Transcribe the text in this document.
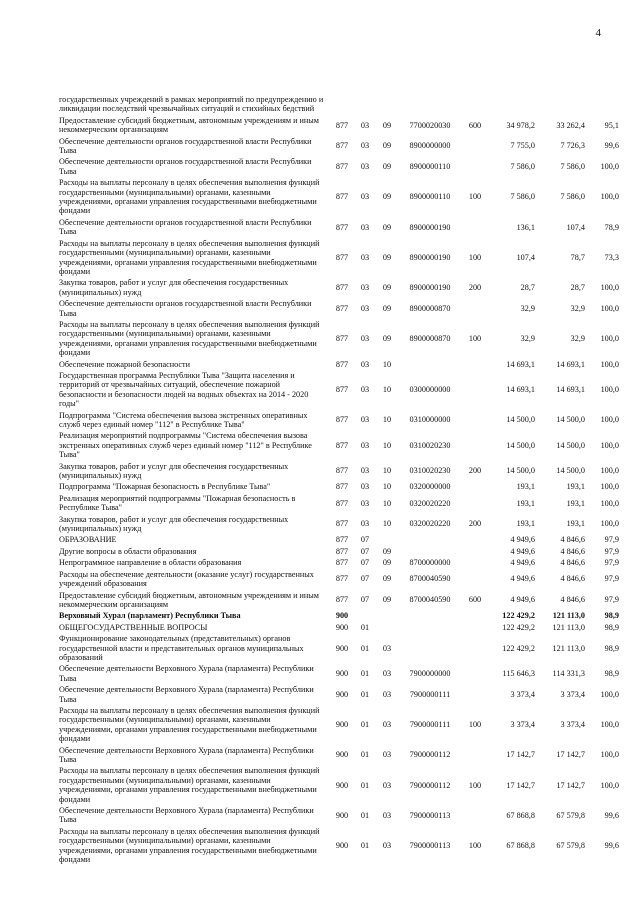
4
государственных учреждений в рамках мероприятий по предупреждению и ликвидации последствий чрезвычайных ситуаций и стихийных бедствий								
Предоставление субсидий бюджетным, автономным учреждениям и иным некоммерческим организациям	877	03	09	7700020030	600	34 978,2	33 262,4	95,1
Обеспечение деятельности органов государственной власти Республики Тыва	877	03	09	8900000000		7 755,0	7 726,3	99,6
Обеспечение деятельности органов государственной власти Республики Тыва	877	03	09	8900000110		7 586,0	7 586,0	100,0
Расходы на выплаты персоналу в целях обеспечения выполнения функций государственными (муниципальными) органами, казенными учреждениями, органами управления государственными внебюджетными фондами	877	03	09	8900000110	100	7 586,0	7 586,0	100,0
Обеспечение деятельности органов государственной власти Республики Тыва	877	03	09	8900000190		136,1	107,4	78,9
Расходы на выплаты персоналу в целях обеспечения выполнения функций государственными (муниципальными) органами, казенными учреждениями, органами управления государственными внебюджетными фондами	877	03	09	8900000190	100	107,4	78,7	73,3
Закупка товаров, работ и услуг для обеспечения государственных (муниципальных) нужд	877	03	09	8900000190	200	28,7	28,7	100,0
Обеспечение деятельности органов государственной власти Республики Тыва	877	03	09	8900000870		32,9	32,9	100,0
Расходы на выплаты персоналу в целях обеспечения выполнения функций государственными (муниципальными) органами, казенными учреждениями, органами управления государственными внебюджетными фондами	877	03	09	8900000870	100	32,9	32,9	100,0
Обеспечение пожарной безопасности	877	03	10			14 693,1	14 693,1	100,0
Государственная программа Республики Тыва "Защита населения и территорий от чрезвычайных ситуаций, обеспечение пожарной безопасности и безопасности людей на водных объектах на 2014 - 2020 годы"	877	03	10	0300000000		14 693,1	14 693,1	100,0
Подпрограмма "Система обеспечения вызова экстренных оперативных служб через единый номер "112" в Республике Тыва"	877	03	10	0310000000		14 500,0	14 500,0	100,0
Реализация мероприятий подпрограммы "Система обеспечения вызова экстренных оперативных служб через единый номер "112" в Республике Тыва"	877	03	10	0310020230		14 500,0	14 500,0	100,0
Закупка товаров, работ и услуг для обеспечения государственных (муниципальных) нужд	877	03	10	0310020230	200	14 500,0	14 500,0	100,0
Подпрограмма "Пожарная безопасность в Республике Тыва"	877	03	10	0320000000		193,1	193,1	100,0
Реализация мероприятий подпрограммы "Пожарная безопасность в Республике Тыва"	877	03	10	0320020220		193,1	193,1	100,0
Закупка товаров, работ и услуг для обеспечения государственных (муниципальных) нужд	877	03	10	0320020220	200	193,1	193,1	100,0
ОБРАЗОВАНИЕ	877	07				4 949,6	4 846,6	97,9
Другие вопросы в области образования	877	07	09			4 949,6	4 846,6	97,9
Непрограммное направление в области образования	877	07	09	8700000000		4 949,6	4 846,6	97,9
Расходы на обеспечение деятельности (оказание услуг) государственных учреждений образования	877	07	09	8700040590		4 949,6	4 846,6	97,9
Предоставление субсидий бюджетным, автономным учреждениям и иным некоммерческим организациям	877	07	09	8700040590	600	4 949,6	4 846,6	97,9
Верховный Хурал (парламент) Республики Тыва	900					122 429,2	121 113,0	98,9
ОБЩЕГОСУДАРСТВЕННЫЕ ВОПРОСЫ	900	01				122 429,2	121 113,0	98,9
Функционирование законодательных (представительных) органов государственной власти и представительных органов муниципальных образований	900	01	03			122 429,2	121 113,0	98,9
Обеспечение деятельности Верховного Хурала (парламента) Республики Тыва	900	01	03	7900000000		115 646,3	114 331,3	98,9
Обеспечение деятельности Верховного Хурала (парламента) Республики Тыва	900	01	03	7900000111		3 373,4	3 373,4	100,0
Расходы на выплаты персоналу в целях обеспечения выполнения функций государственными (муниципальными) органами, казенными учреждениями, органами управления государственными внебюджетными фондами	900	01	03	7900000111	100	3 373,4	3 373,4	100,0
Обеспечение деятельности Верховного Хурала (парламента) Республики Тыва	900	01	03	7900000112		17 142,7	17 142,7	100,0
Расходы на выплаты персоналу в целях обеспечения выполнения функций государственными (муниципальными) органами, казенными учреждениями, органами управления государственными внебюджетными фондами	900	01	03	7900000112	100	17 142,7	17 142,7	100,0
Обеспечение деятельности Верховного Хурала (парламента) Республики Тыва	900	01	03	7900000113		67 868,8	67 579,8	99,6
Расходы на выплаты персоналу в целях обеспечения выполнения функций государственными (муниципальными) органами, казенными учреждениями, органами управления государственными внебюджетными фондами	900	01	03	7900000113	100	67 868,8	67 579,8	99,6
